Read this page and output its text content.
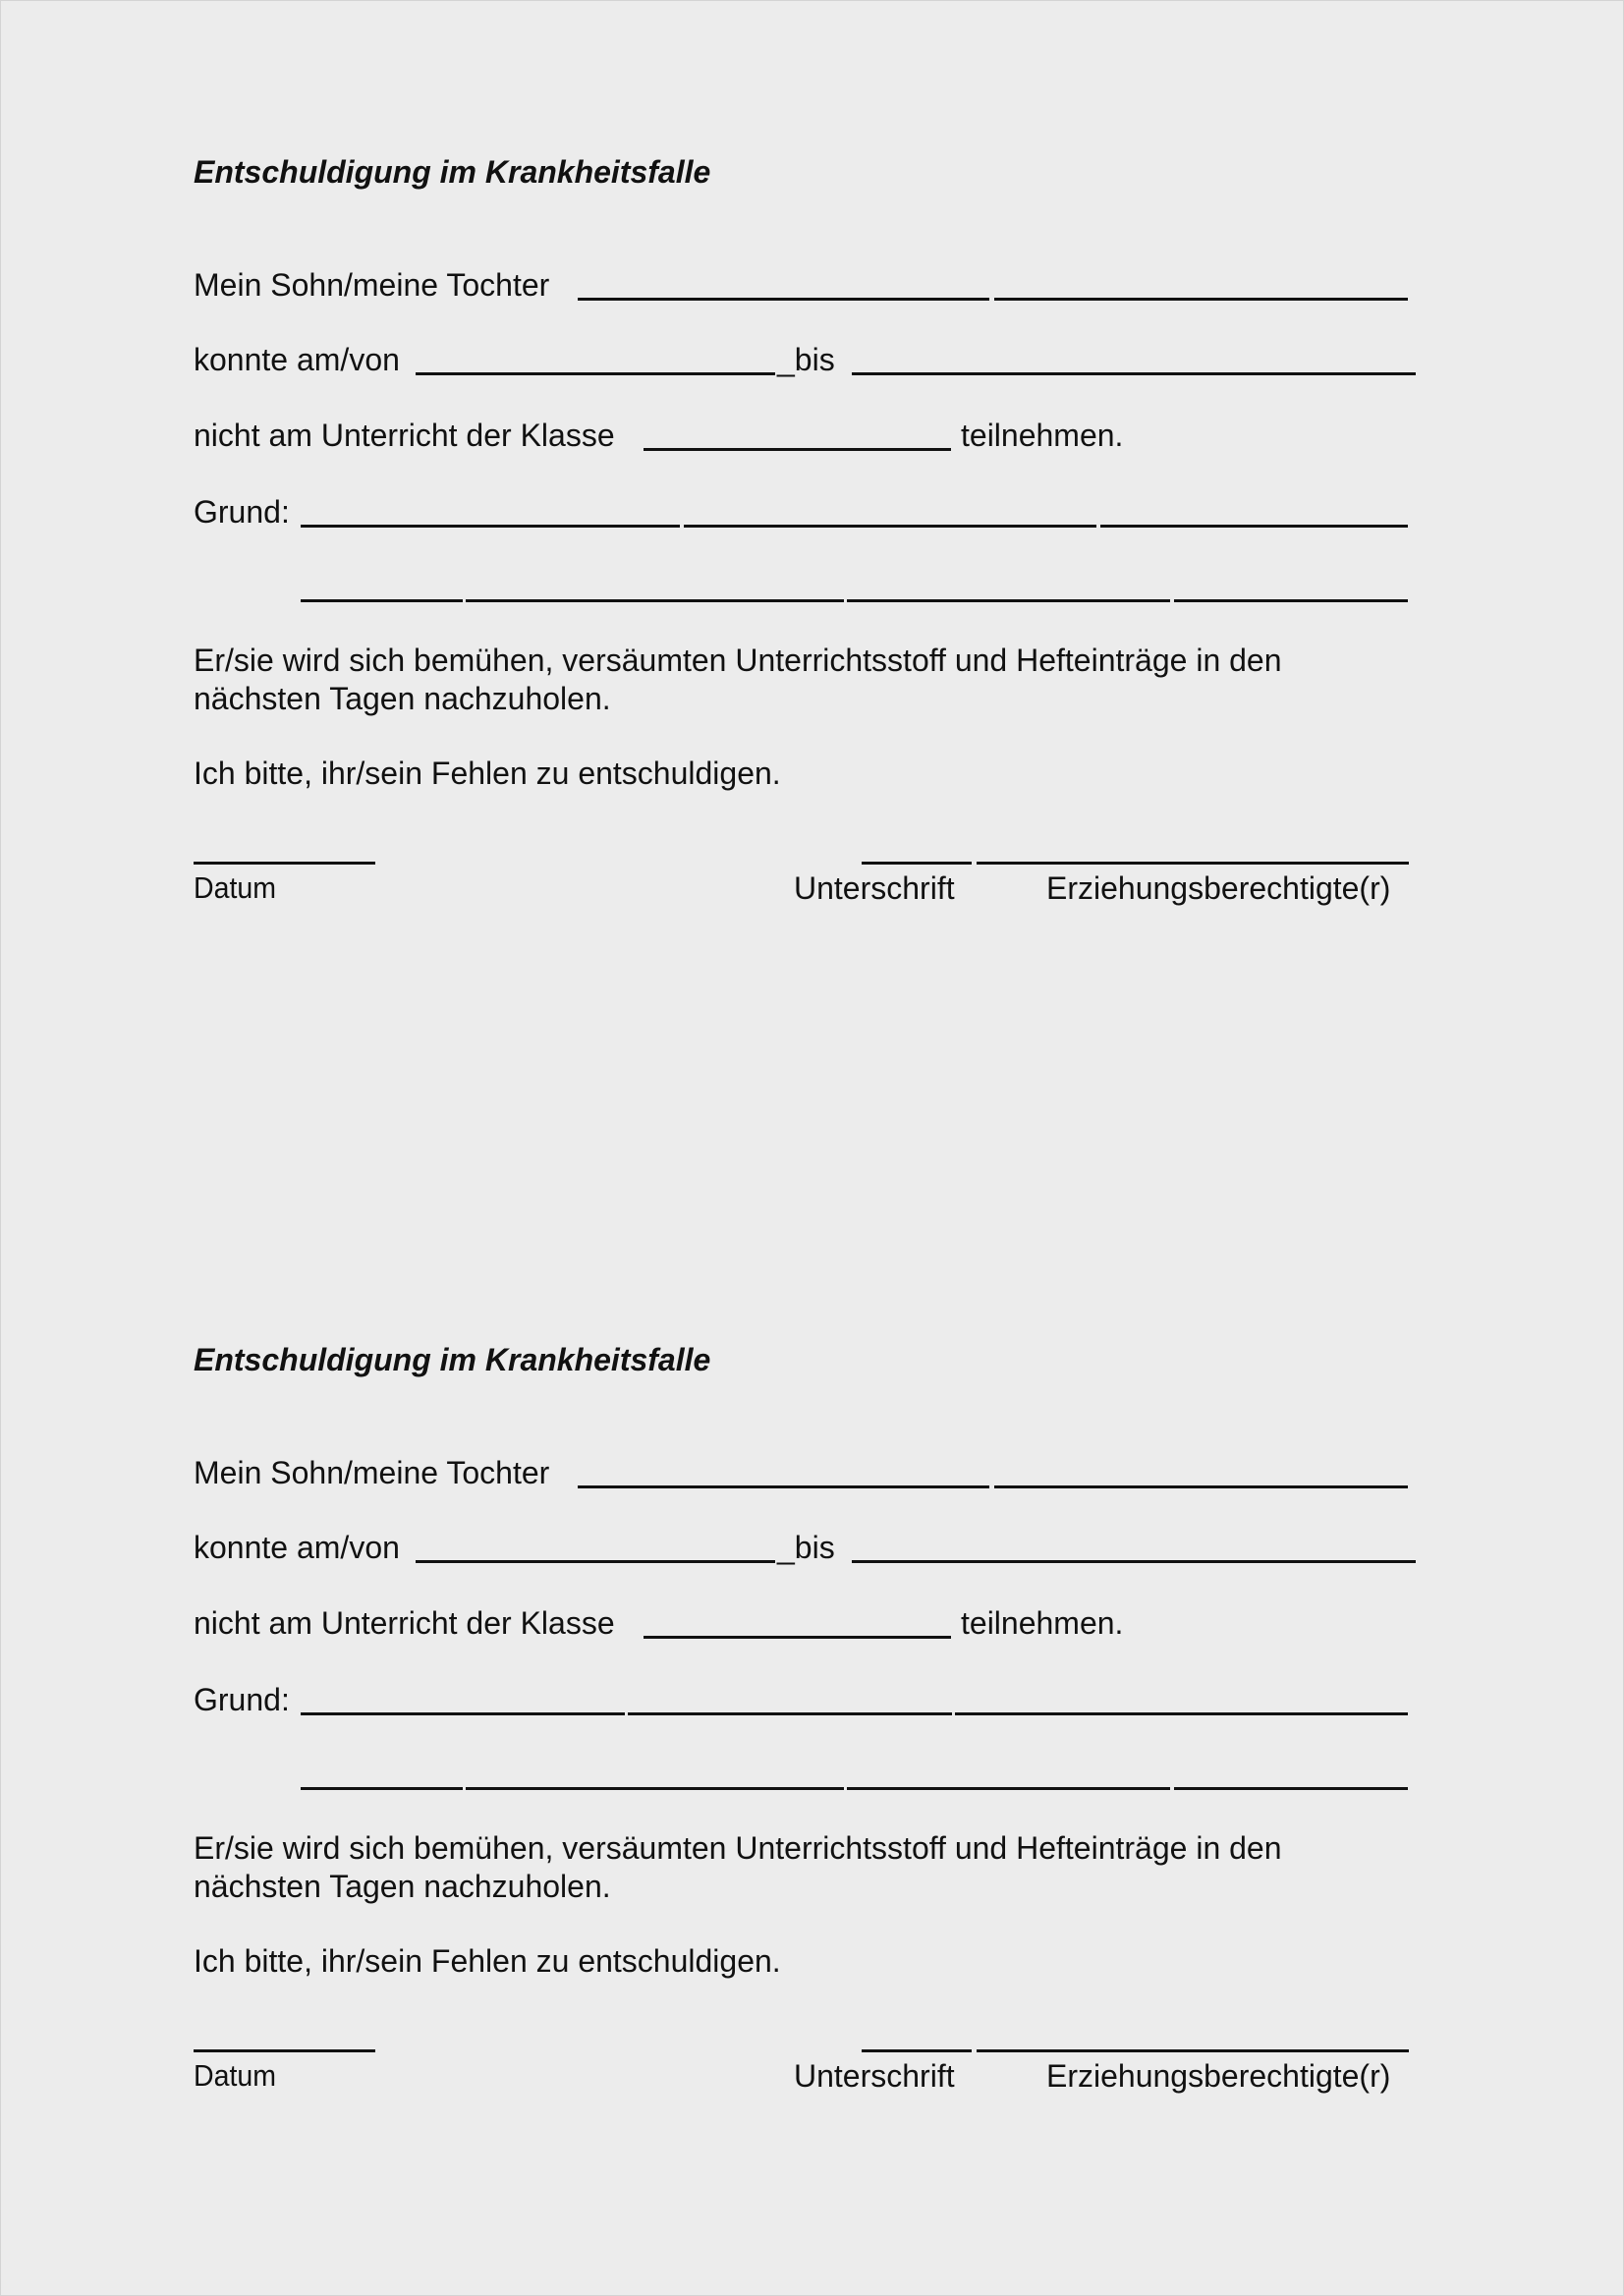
Entschuldigung im Krankheitsfalle
Mein Sohn/meine Tochter
konnte am/von	_bis
nicht am Unterricht der Klasse	teilnehmen.
Grund:
Er/sie wird sich bemühen, versäumten Unterrichtsstoff und Hefteinträge in den
nächsten Tagen nachzuholen.
Ich bitte, ihr/sein Fehlen zu entschuldigen.
Datum	Unterschrift	Erziehungsberechtigte(r)
Entschuldigung im Krankheitsfalle
Mein Sohn/meine Tochter
konnte am/von	_bis
nicht am Unterricht der Klasse	teilnehmen.
Grund:
Er/sie wird sich bemühen, versäumten Unterrichtsstoff und Hefteinträge in den
nächsten Tagen nachzuholen.
Ich bitte, ihr/sein Fehlen zu entschuldigen.
Datum	Unterschrift	Erziehungsberechtigte(r)
